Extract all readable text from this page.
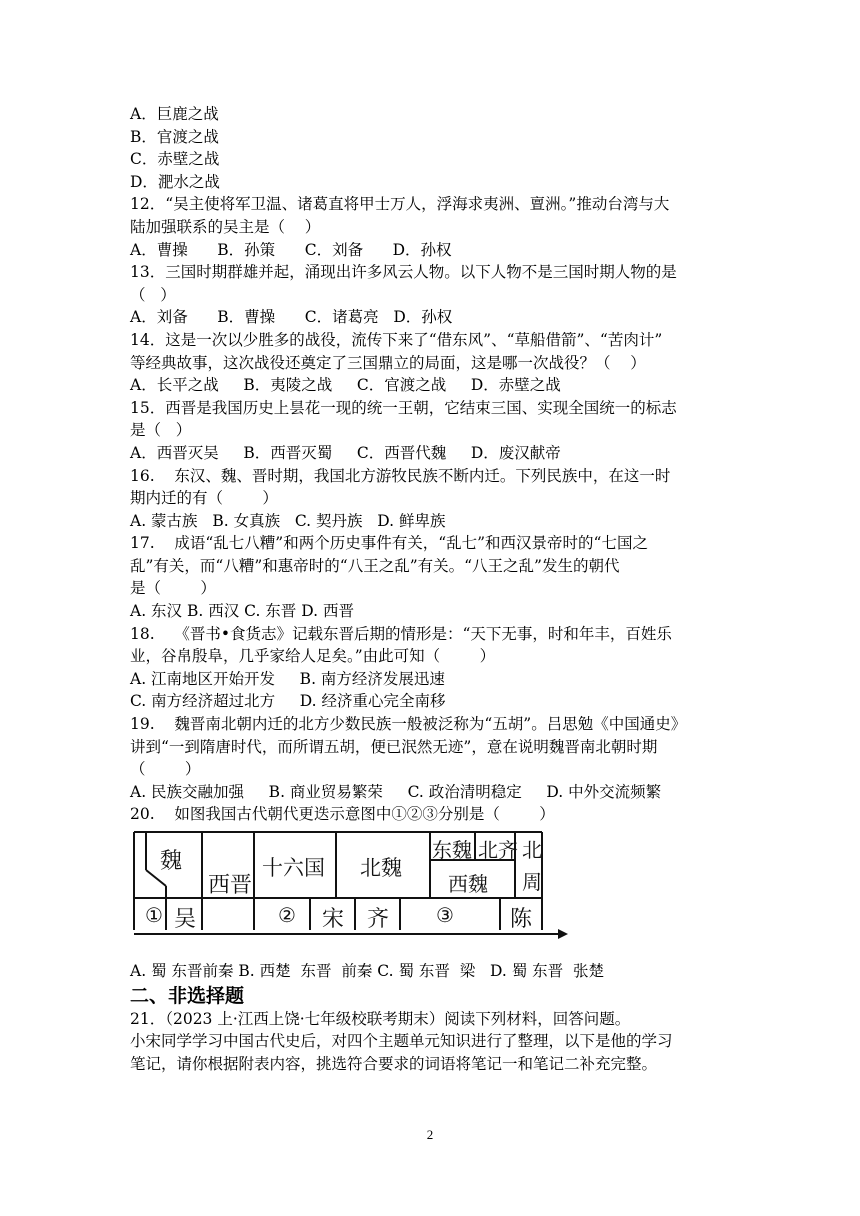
A．巨鹿之战
B．官渡之战
C．赤壁之战
D．淝水之战
12．“吴主使将军卫温、诸葛直将甲士万人，浮海求夷洲、亶洲。”推动台湾与大
陆加强联系的吴主是（    ）
A．曹操      B．孙策      C．刘备      D．孙权
13．三国时期群雄并起，涌现出许多风云人物。以下人物不是三国时期人物的是
（   ）
A．刘备      B．曹操      C．诸葛亮   D．孙权
14．这是一次以少胜多的战役，流传下来了“借东风”、“草船借箭”、“苦肉计”
等经典故事，这次战役还奠定了三国鼎立的局面，这是哪一次战役？（    ）
A．长平之战     B．夷陵之战     C．官渡之战     D．赤壁之战
15．西晋是我国历史上昙花一现的统一王朝，它结束三国、实现全国统一的标志
是（   ）
A．西晋灭吴     B．西晋灭蜀     C．西晋代魏     D．废汉献帝
16.    东汉、魏、晋时期，我国北方游牧民族不断内迁。下列民族中，在这一时
期内迁的有（        ）
A. 蒙古族   B. 女真族   C. 契丹族   D. 鲜卑族
17.    成语“乱七八糟”和两个历史事件有关，“乱七”和西汉景帝时的“七国之
乱”有关，而“八糟”和惠帝时的“八王之乱”有关。“八王之乱”发生的朝代
是（        ）
A. 东汉 B. 西汉 C. 东晋 D. 西晋
18.    《晋书•食货志》记载东晋后期的情形是：“天下无事，时和年丰，百姓乐
业，谷帛殷阜，几乎家给人足矣。”由此可知（        ）
A. 江南地区开始开发     B. 南方经济发展迅速
C. 南方经济超过北方     D. 经济重心完全南移
19.    魏晋南北朝内迁的北方少数民族一般被泛称为“五胡”。吕思勉《中国通史》
讲到“一到隋唐时代，而所谓五胡，便已泯然无迹”，意在说明魏晋南北朝时期
（        ）
A. 民族交融加强     B. 商业贸易繁荣     C. 政治清明稳定     D. 中外交流频繁
20.    如图我国古代朝代更迭示意图中①②③分别是（        ）
魏
① 吴
西晋
十六国
② 宋 齐
北魏
东魏 北齐
西魏
③
北
周
陈
A. 蜀 东晋前秦 B. 西楚  东晋  前秦 C. 蜀 东晋  梁   D. 蜀 东晋  张楚
二、非选择题
21．（2023 上·江西上饶·七年级校联考期末）阅读下列材料，回答问题。
小宋同学学习中国古代史后，对四个主题单元知识进行了整理，以下是他的学习
笔记，请你根据附表内容，挑选符合要求的词语将笔记一和笔记二补充完整。
2
